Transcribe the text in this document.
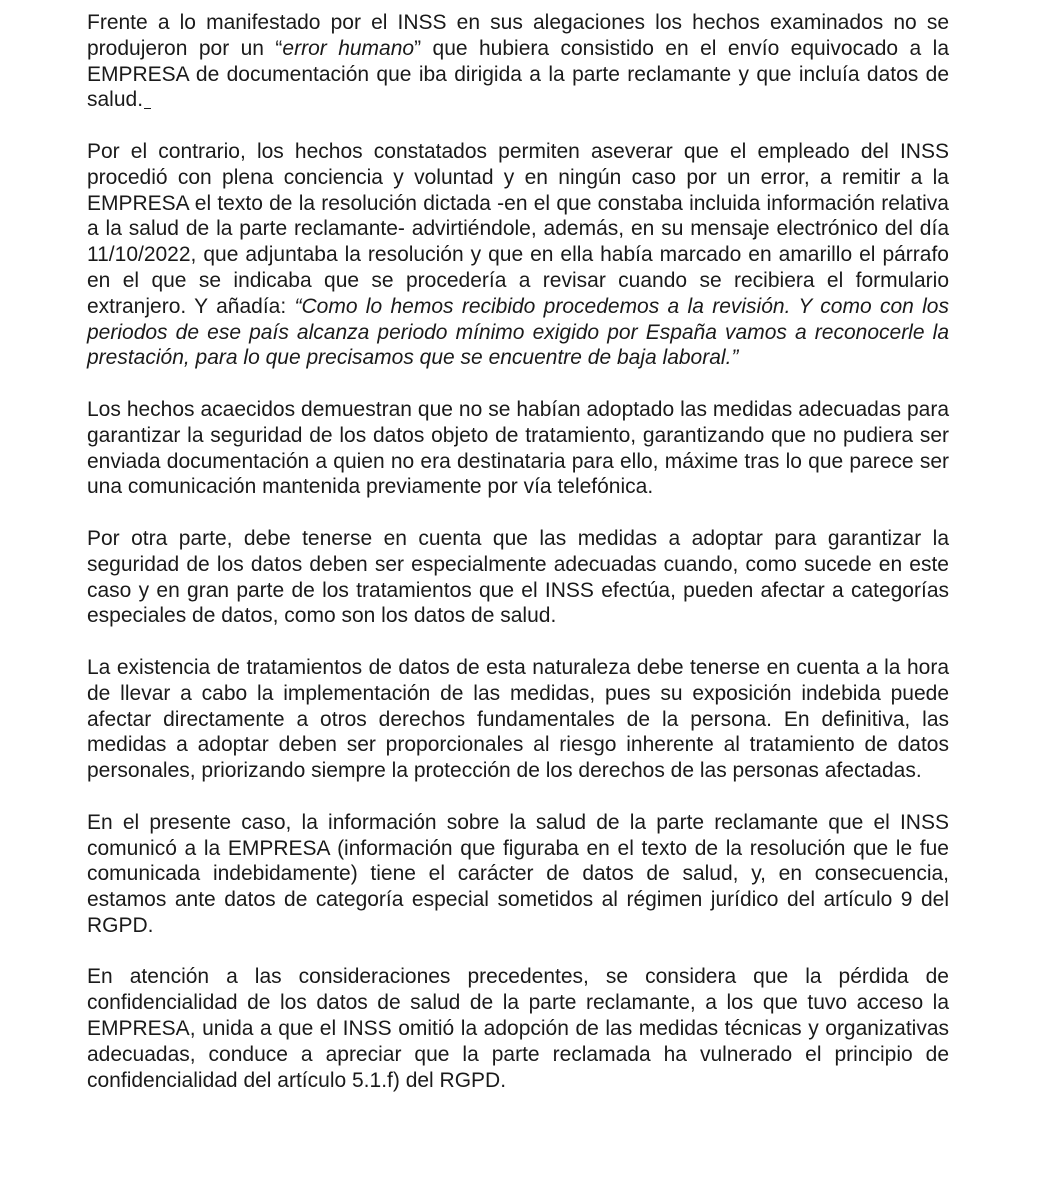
Frente a lo manifestado por el INSS en sus alegaciones los hechos examinados no se produjeron por un “error humano” que hubiera consistido en el envío equivocado a la EMPRESA de documentación que iba dirigida a la parte reclamante y que incluía datos de salud.

Por el contrario, los hechos constatados permiten aseverar que el empleado del INSS procedió con plena conciencia y voluntad y en ningún caso por un error, a remitir a la EMPRESA el texto de la resolución dictada -en el que constaba incluida información relativa a la salud de la parte reclamante- advirtiéndole, además, en su mensaje electrónico del día 11/10/2022, que adjuntaba la resolución y que en ella había marcado en amarillo el párrafo en el que se indicaba que se procedería a revisar cuando se recibiera el formulario extranjero. Y añadía: “Como lo hemos recibido procedemos a la revisión. Y como con los periodos de ese país alcanza periodo mínimo exigido por España vamos a reconocerle la prestación, para lo que precisamos que se encuentre de baja laboral.”

Los hechos acaecidos demuestran que no se habían adoptado las medidas adecuadas para garantizar la seguridad de los datos objeto de tratamiento, garantizando que no pudiera ser enviada documentación a quien no era destinataria para ello, máxime tras lo que parece ser una comunicación mantenida previamente por vía telefónica.

Por otra parte, debe tenerse en cuenta que las medidas a adoptar para garantizar la seguridad de los datos deben ser especialmente adecuadas cuando, como sucede en este caso y en gran parte de los tratamientos que el INSS efectúa, pueden afectar a categorías especiales de datos, como son los datos de salud.

La existencia de tratamientos de datos de esta naturaleza debe tenerse en cuenta a la hora de llevar a cabo la implementación de las medidas, pues su exposición indebida puede afectar directamente a otros derechos fundamentales de la persona. En definitiva, las medidas a adoptar deben ser proporcionales al riesgo inherente al tratamiento de datos personales, priorizando siempre la protección de los derechos de las personas afectadas.

En el presente caso, la información sobre la salud de la parte reclamante que el INSS comunicó a la EMPRESA (información que figuraba en el texto de la resolución que le fue comunicada indebidamente) tiene el carácter de datos de salud, y, en consecuencia, estamos ante datos de categoría especial sometidos al régimen jurídico del artículo 9 del RGPD.

En atención a las consideraciones precedentes, se considera que la pérdida de confidencialidad de los datos de salud de la parte reclamante, a los que tuvo acceso la EMPRESA, unida a que el INSS omitió la adopción de las medidas técnicas y organizativas adecuadas, conduce a apreciar que la parte reclamada ha vulnerado el principio de confidencialidad del artículo 5.1.f) del RGPD.
